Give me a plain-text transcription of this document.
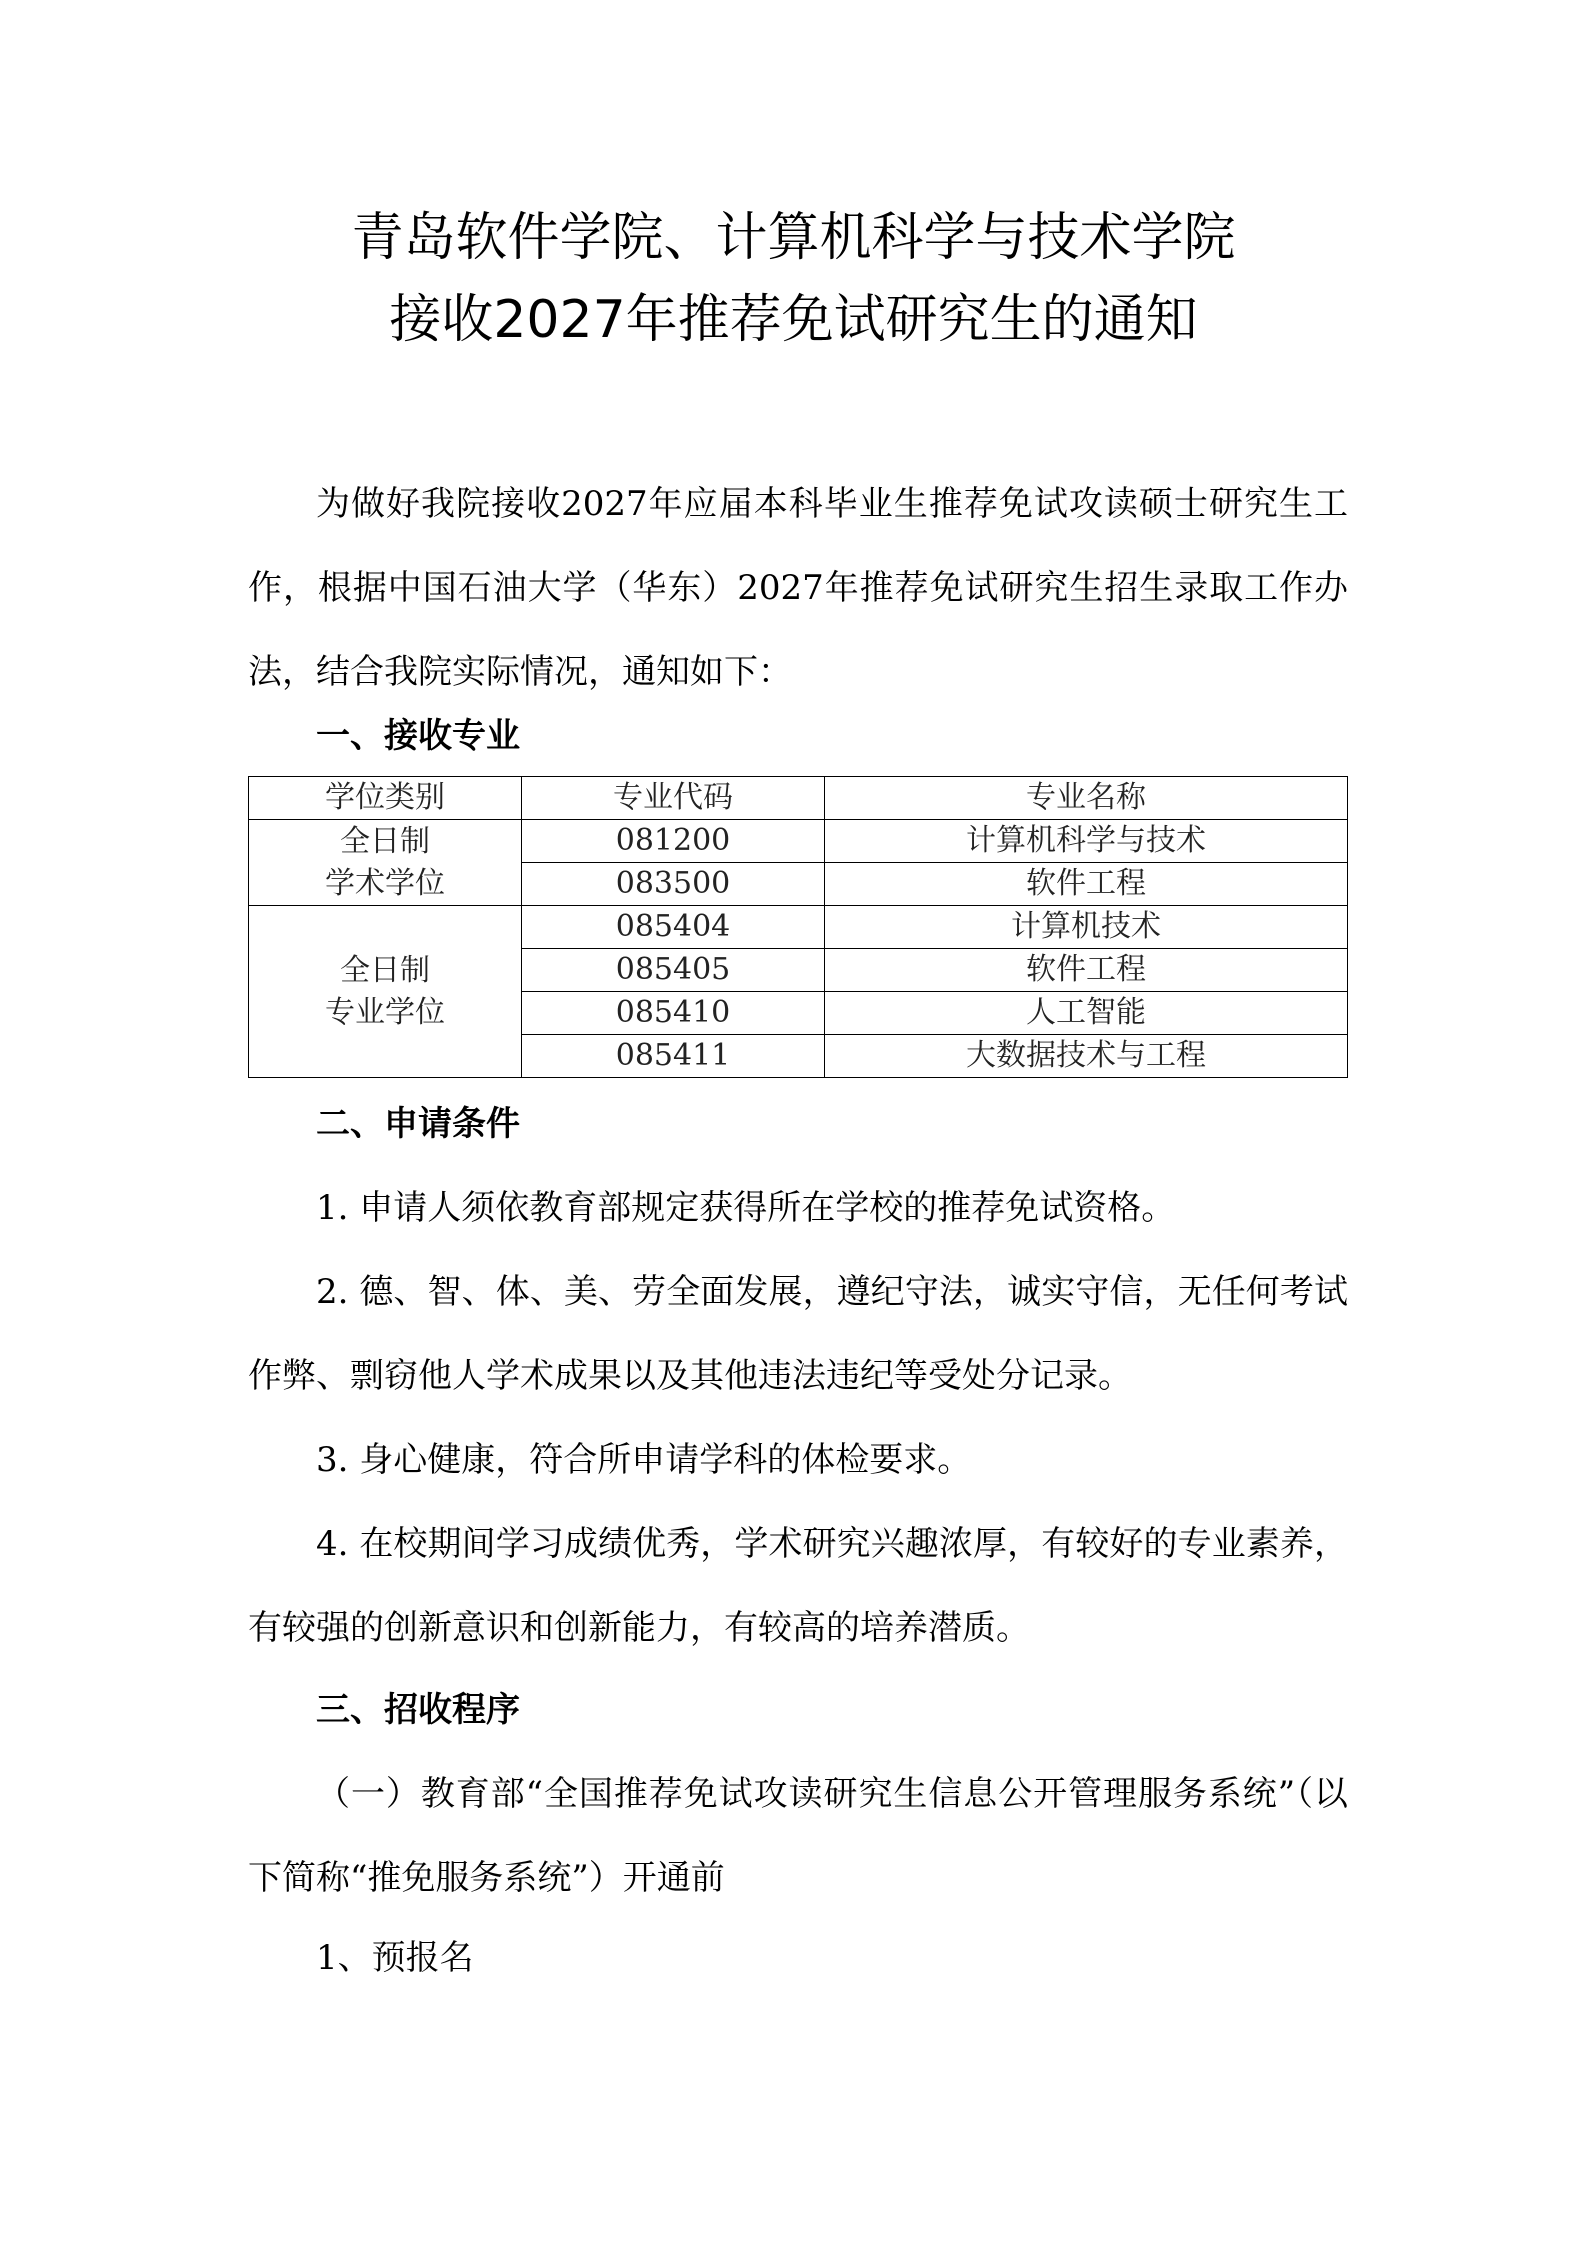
青岛软件学院、计算机科学与技术学院
接收2027年推荐免试研究生的通知

为做好我院接收2027年应届本科毕业生推荐免试攻读硕士研究生工作，根据中国石油大学（华东）2027年推荐免试研究生招生录取工作办法，结合我院实际情况，通知如下：

一、接收专业
学位类别	专业代码	专业名称

全日制
学术学位	081200	计算机科学与技术
	083500	软件工程

全日制
专业学位	085404	计算机技术
	085405	软件工程
	085410	人工智能
	085411	大数据技术与工程
二、申请条件

1. 申请人须依教育部规定获得所在学校的推荐免试资格。

2. 德、智、体、美、劳全面发展，遵纪守法，诚实守信，无任何考试作弊、剽窃他人学术成果以及其他违法违纪等受处分记录。

3. 身心健康，符合所申请学科的体检要求。

4. 在校期间学习成绩优秀，学术研究兴趣浓厚，有较好的专业素养，有较强的创新意识和创新能力，有较高的培养潜质。

三、招收程序

（一）教育部“全国推荐免试攻读研究生信息公开管理服务系统”（以下简称“推免服务系统”）开通前

1、预报名
